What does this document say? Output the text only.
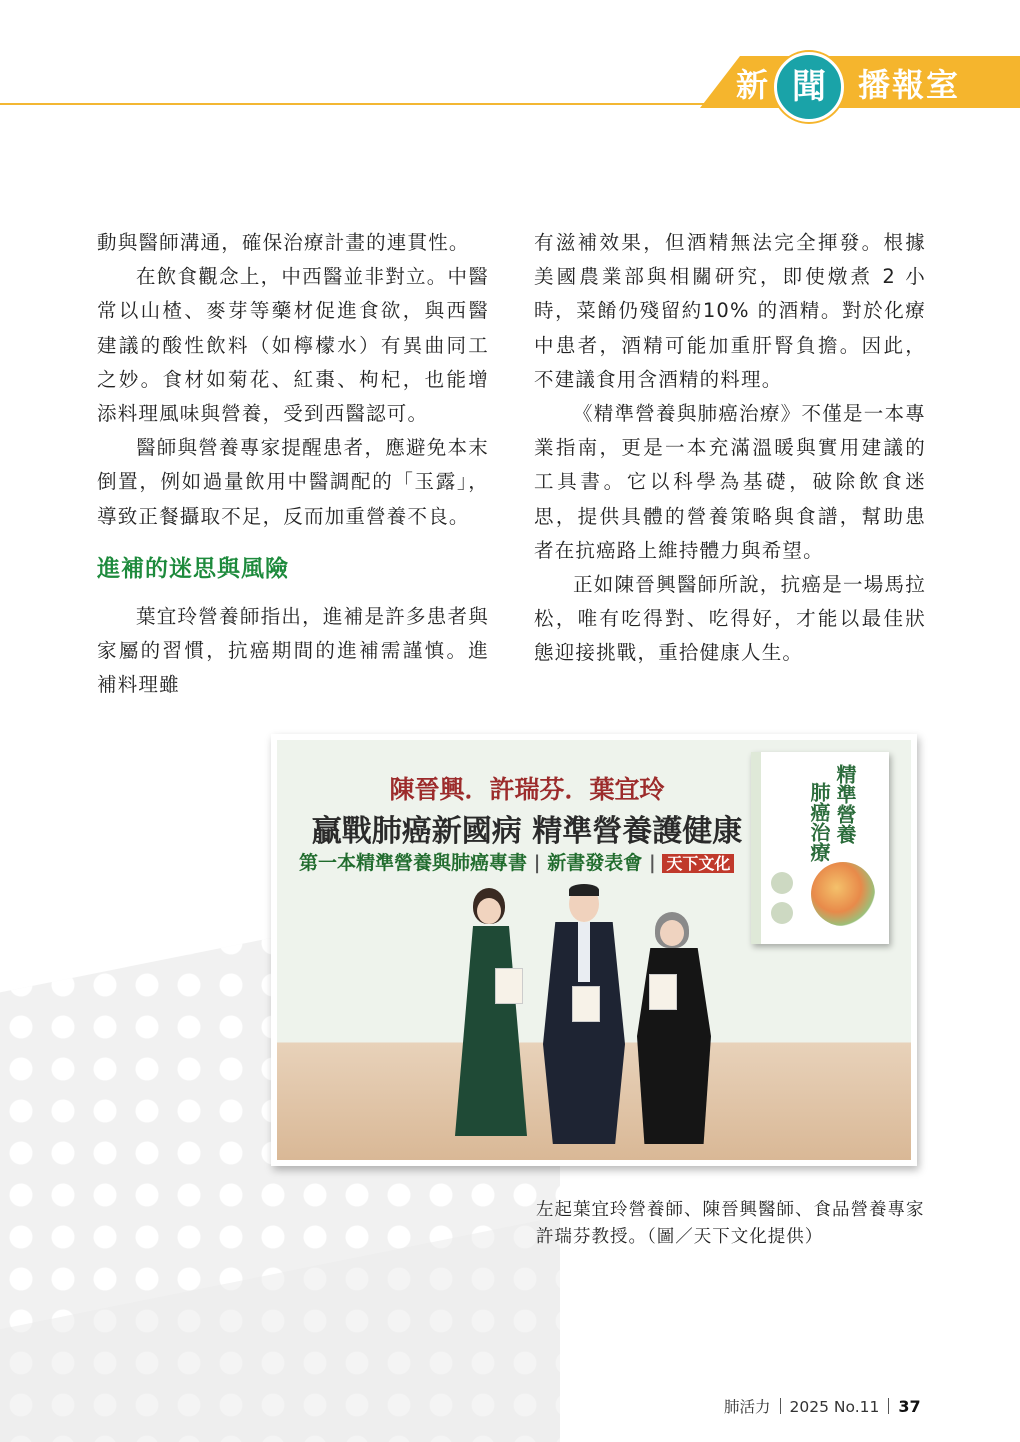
新 聞	播報室

動與醫師溝通，確保治療計畫的連貫性。

在飲食觀念上，中西醫並非對立。中醫常以山楂、麥芽等藥材促進食欲，與西醫建議的酸性飲料（如檸檬水）有異曲同工之妙。食材如菊花、紅棗、枸杞，也能增添料理風味與營養，受到西醫認可。

醫師與營養專家提醒患者，應避免本末倒置，例如過量飲用中醫調配的「玉露」，導致正餐攝取不足，反而加重營養不良。

進補的迷思與風險

葉宜玲營養師指出，進補是許多患者與家屬的習慣，抗癌期間的進補需謹慎。進補料理雖

有滋補效果，但酒精無法完全揮發。根據美國農業部與相關研究，即使燉煮 2 小時，菜餚仍殘留約10% 的酒精。對於化療中患者，酒精可能加重肝腎負擔。因此，不建議食用含酒精的料理。

《精準營養與肺癌治療》不僅是一本專業指南，更是一本充滿溫暖與實用建議的工具書。它以科學為基礎，破除飲食迷思，提供具體的營養策略與食譜，幫助患者在抗癌路上維持體力與希望。

正如陳晉興醫師所說，抗癌是一場馬拉松，唯有吃得對、吃得好，才能以最佳狀態迎接挑戰，重拾健康人生。

陳晉興．許瑞芬．葉宜玲
贏戰肺癌新國病 精準營養護健康
第一本精準營養與肺癌專書 | 新書發表會 | 天下文化
精準營養
肺癌治療
左起葉宜玲營養師、陳晉興醫師、食品營養專家許瑞芬教授。（圖／天下文化提供）
肺活力 2025 No.11 37
